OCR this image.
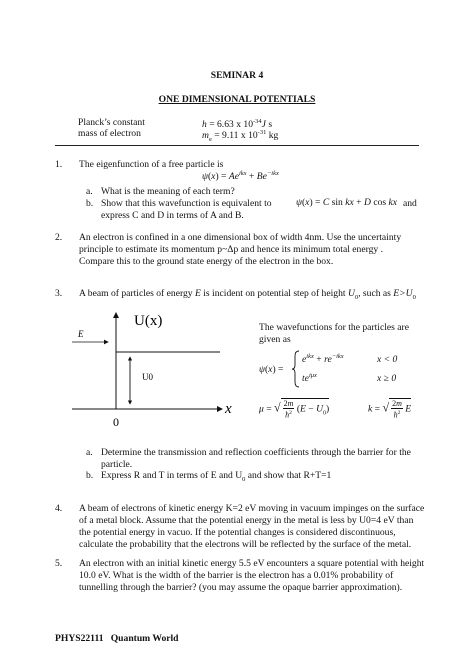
SEMINAR 4
ONE DIMENSIONAL POTENTIALS
Planck’s constant	h = 6.63 x $10^{-34}J$ s
mass of electron	$m_e = 9.11$ x $10^{-31}$ kg
1. The eigenfunction of a free particle is
$\psi(x) = Ae^{ikx} + Be^{-ikx}$
a. What is the meaning of each term?
b. Show that this wavefunction is equivalent to	ψ(x) = C sin kx + D cos kx and
express C and D in terms of A and B.
2. An electron is confined in a one dimensional box of width 4nm. Use the uncertainty
principle to estimate its momentum p~Δp and hence its minimum total energy .
Compare this to the ground state energy of the electron in the box.
3. A beam of particles of energy E is incident on potential step of height $U_0$, such as $E>U_0$
U(x)
x
0
E
U0
The wavefunctions for the particles are
given as
ψ(x) =
$e^{ikx} + re^{-ikx}$
$te^{i\mu x}$
x < 0
x ≥ 0
μ = √ $\frac{2m}{ħ^2} (E - U_0)$	k = √ $\frac{2m}{ħ^2}$ E
a. Determine the transmission and reflection coefficients through the barrier for the
particle.
b. Express R and T in terms of E and $U_0$ and show that R+T=1
4. A beam of electrons of kinetic energy K=2 eV moving in vacuum impinges on the surface
of a metal block. Assume that the potential energy in the metal is less by U0=4 eV than
the potential energy in vacuo. If the potential changes is considered discontinuous,
calculate the probability that the electrons will be reflected by the surface of the metal.
5. An electron with an initial kinetic energy 5.5 eV encounters a square potential with height
10.0 eV. What is the width of the barrier is the electron has a 0.01% probability of
tunnelling through the barrier? (you may assume the opaque barrier approximation).
PHYS22111 Quantum World
